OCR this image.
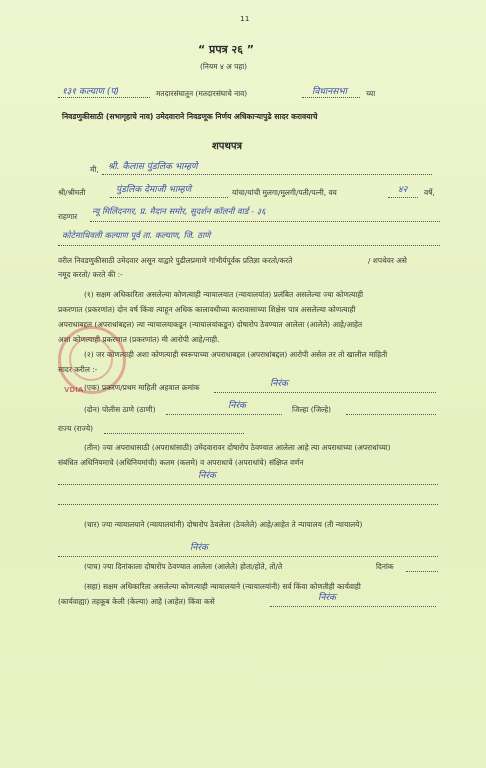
11
“ प्रपत्र २६ ”
(नियम ४ अ पहा)
१३१ कल्याण (प)	मतदारसंघातून (मतदारसंघाचे नाव)	विधानसभा	च्या
निवडणुकीसाठी (सभागृहाचे नाव) उमेदवाराने निवडणूक निर्णय अधिकाऱ्यापुढे सादर करावयाचे
शपथपत्र
मी, श्री. कैलास पुंडलिक भाम्हणे
श्री/श्रीमती	पुंडलिक देमाजी भाम्हणे	यांचा/यांची मुलगा/मुलगी/पती/पत्नी, वय	४२ वर्षे,
राहणार
न्यू मिलिंदनगर, प्र. मैदान समोर, सुदर्शन कॉलनी वार्ड - ३६
कोटेमाधिवली कल्याण पूर्व ता. कल्याण, जि. ठाणे
वरील निवडणुकीसाठी उमेदवार असून याद्वारे पुढीलप्रमाणे गांभीर्यपूर्वक प्रतिज्ञा करतो/करते	/ शपथेवर असे
नमूद करतो/ करते की :-
(१) सक्षम अधिकारिता असलेल्या कोणत्याही न्यायालयात (न्यायालयांत) प्रलंबित असलेल्या ज्या कोणत्याही
प्रकरणात (प्रकरणांत) दोन वर्ष किंवा त्याहून अधिक कालावधीच्या कारावासाच्या शिक्षेस पात्र असलेल्या कोणत्याही
अपराधाबद्दल (अपराधांबद्दल) त्या न्यायालयाकडून (न्यायालयांकडून) दोषारोप ठेवण्यात आलेला (आलेले) आहे/आहेत
अशा कोणत्याही प्रकरणात (प्रकरणांत) मी आरोपी आहे/नाही.
(२) जर कोणत्याही अशा कोणत्याही स्वरूपाच्या अपराधाबद्दल (अपराधांबद्दल) आरोपी असेल तर तो खालील माहिती
सादर करील :-
VDIA (एक) प्रकरण/प्रथम माहिती अहवाल क्रमांक	निरंक
(दोन) पोलीस ठाणे (ठाणी)	निरंक	जिल्हा (जिल्हे)
राज्य (राज्ये)
(तीन) ज्या अपराधासाठी (अपराधांसाठी) उमेदवारावर दोषारोप ठेवण्यात आलेला आहे त्या अपराधाच्या (अपराधांच्या)
संबंधित अधिनियमाचे (अधिनियमांची) कलम (कलमे) व अपराधाचे (अपराधांचे) संक्षिप्त वर्णन
निरंक
(चार) ज्या न्यायालयाने (न्यायालयांनी) दोषारोप ठेवलेला (ठेवलेले) आहे/आहेत ते न्यायालय (ती न्यायालये)
निरंक
(पाच) ज्या दिनांकाला दोषारोप ठेवण्यात आलेला (आलेले) होता/होते, तो/ते	दिनांक
(सहा) सक्षम अधिकारिता असलेल्या कोणत्याही न्यायालयाने (न्यायालयांनी) सर्व किंवा कोणतीही कार्यवाही
(कार्यवाह्या) तहकूब केली (केल्या) आहे (आहेत) किंवा कसे	निरंक
